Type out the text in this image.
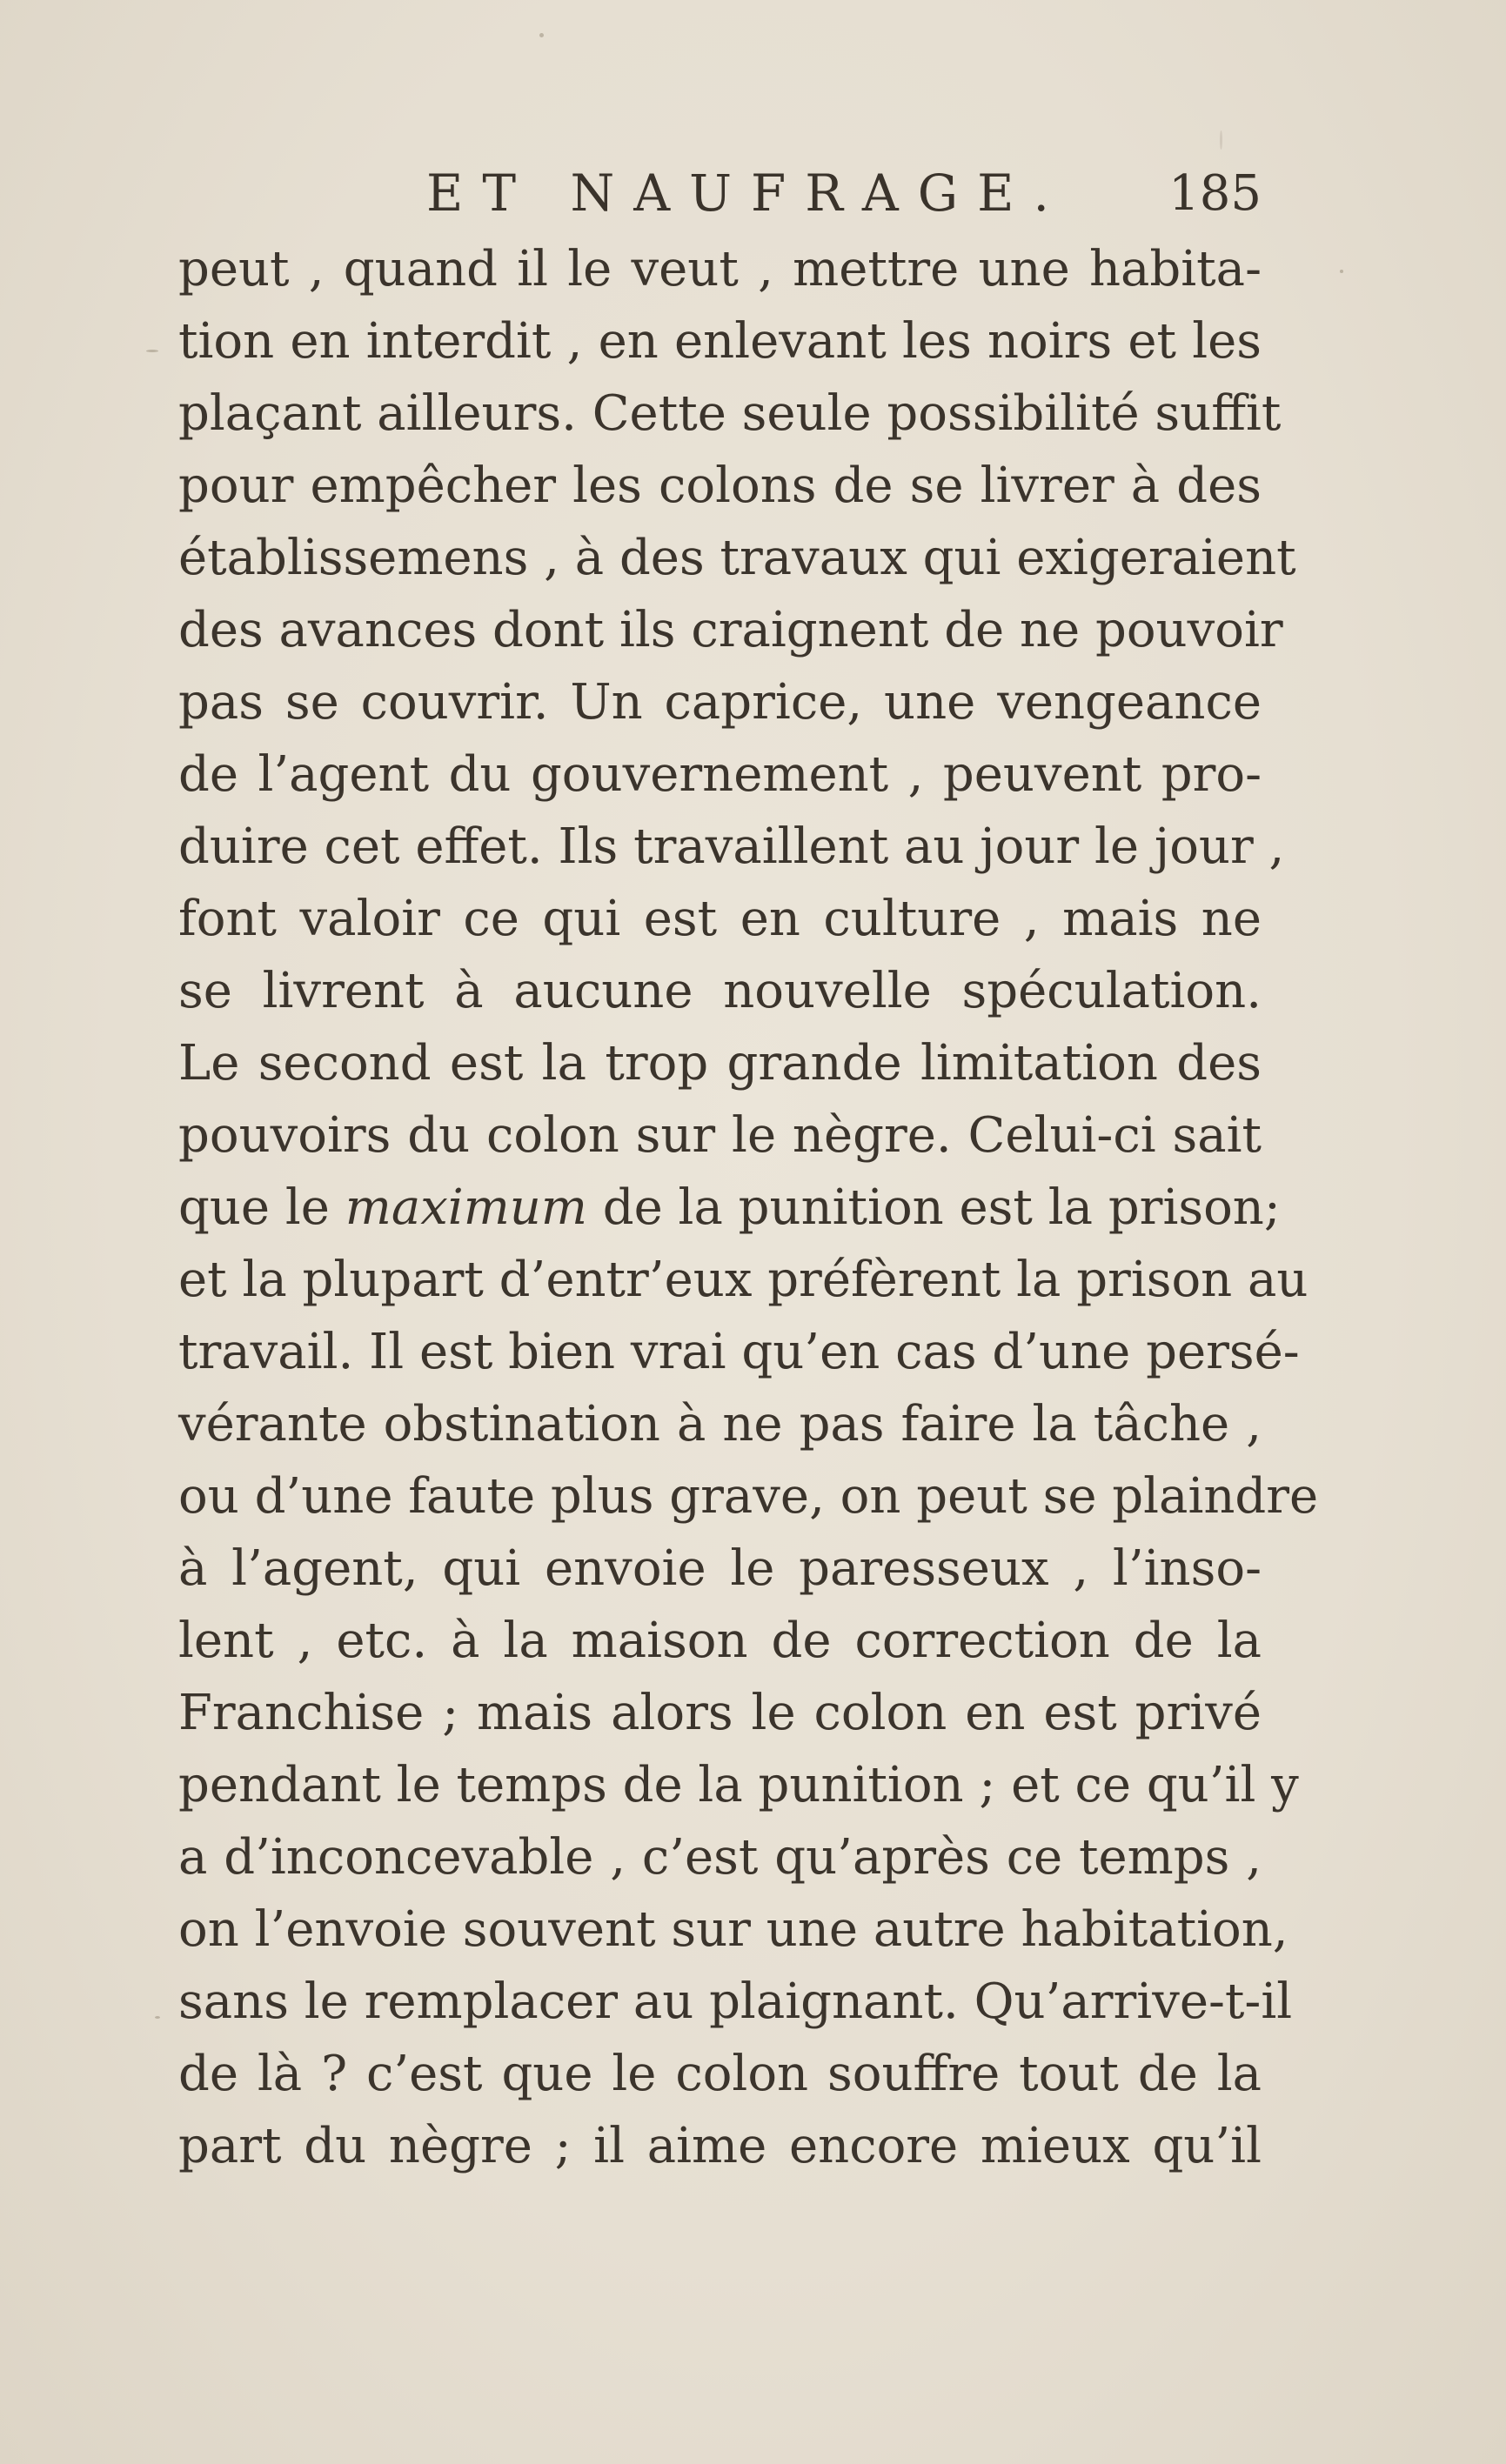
ET NAUFRAGE. 185
peut , quand il le veut , mettre une habita-
tion en interdit , en enlevant les noirs et les
plaçant ailleurs. Cette seule possibilité suffit
pour empêcher les colons de se livrer à des
établissemens , à des travaux qui exigeraient
des avances dont ils craignent de ne pouvoir
pas se couvrir. Un caprice, une vengeance
de l’agent du gouvernement , peuvent pro-
duire cet effet. Ils travaillent au jour le jour ,
font valoir ce qui est en culture , mais ne
se livrent à aucune nouvelle spéculation.
Le second est la trop grande limitation des
pouvoirs du colon sur le nègre. Celui-ci sait
que le maximum de la punition est la prison;
et la plupart d’entr’eux préfèrent la prison au
travail. Il est bien vrai qu’en cas d’une persé-
vérante obstination à ne pas faire la tâche ,
ou d’une faute plus grave, on peut se plaindre
à l’agent, qui envoie le paresseux , l’inso-
lent , etc. à la maison de correction de la
Franchise ; mais alors le colon en est privé
pendant le temps de la punition ; et ce qu’il y
a d’inconcevable , c’est qu’après ce temps ,
on l’envoie souvent sur une autre habitation,
sans le remplacer au plaignant. Qu’arrive-t-il
de là ? c’est que le colon souffre tout de la
part du nègre ; il aime encore mieux qu’il
